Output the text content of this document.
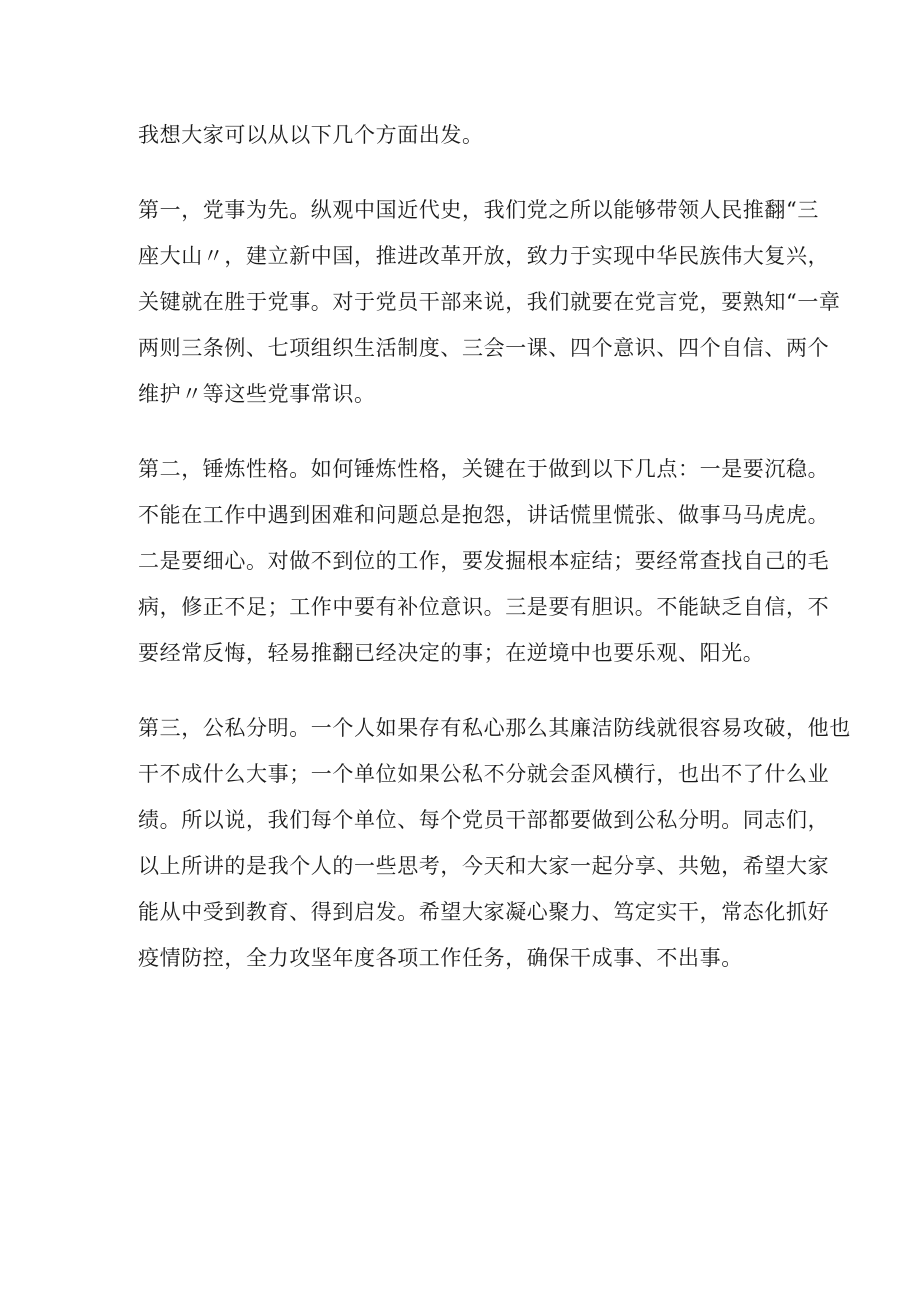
我想大家可以从以下几个方面出发。
第一，党事为先。纵观中国近代史，我们党之所以能够带领人民推翻“三
座大山〃，建立新中国，推进改革开放，致力于实现中华民族伟大复兴，
关键就在胜于党事。对于党员干部来说，我们就要在党言党，要熟知“一章
两则三条例、七项组织生活制度、三会一课、四个意识、四个自信、两个
维护〃等这些党事常识。
第二，锤炼性格。如何锤炼性格，关键在于做到以下几点：一是要沉稳。
不能在工作中遇到困难和问题总是抱怨，讲话慌里慌张、做事马马虎虎。
二是要细心。对做不到位的工作，要发掘根本症结；要经常查找自己的毛
病，修正不足；工作中要有补位意识。三是要有胆识。不能缺乏自信，不
要经常反悔，轻易推翻已经决定的事；在逆境中也要乐观、阳光。
第三，公私分明。一个人如果存有私心那么其廉洁防线就很容易攻破，他也
干不成什么大事；一个单位如果公私不分就会歪风横行，也出不了什么业
绩。所以说，我们每个单位、每个党员干部都要做到公私分明。同志们，
以上所讲的是我个人的一些思考，今天和大家一起分享、共勉，希望大家
能从中受到教育、得到启发。希望大家凝心聚力、笃定实干，常态化抓好
疫情防控，全力攻坚年度各项工作任务，确保干成事、不出事。
